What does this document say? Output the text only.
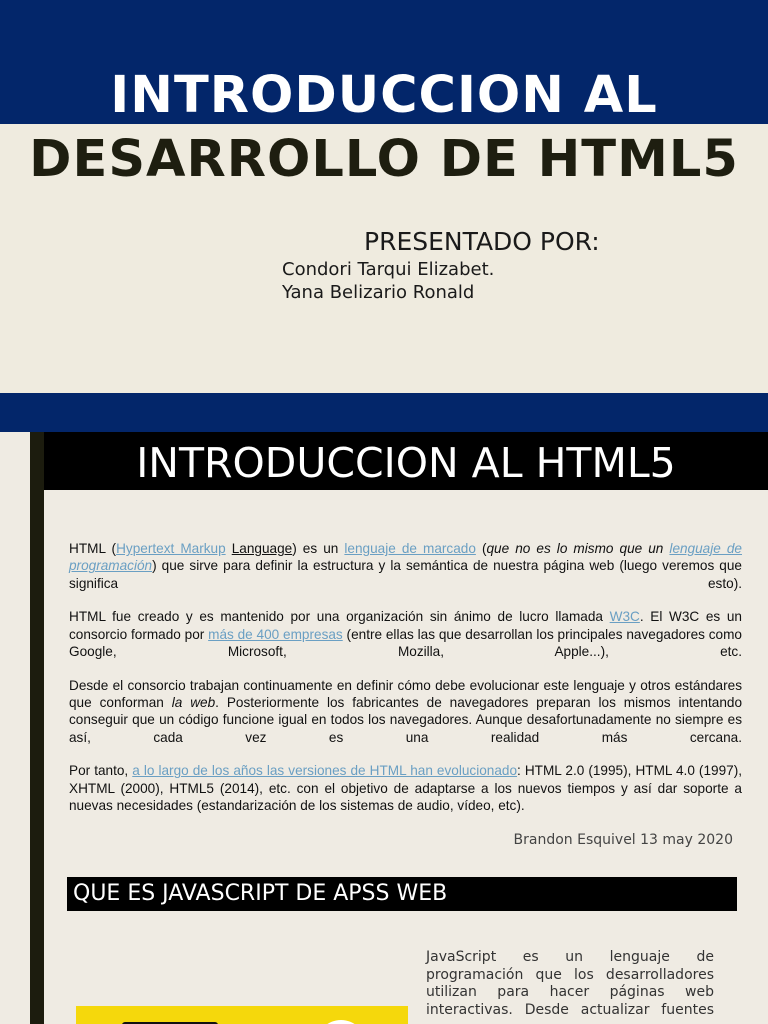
INTRODUCCION AL
DESARROLLO DE HTML5

PRESENTADO POR:

Condori Tarqui Elizabet.

Yana Belizario Ronald

INTRODUCCION AL HTML5

HTML (Hypertext Markup Language) es un lenguaje de marcado (que no es lo mismo que un lenguaje de programación) que sirve para definir la estructura y la semántica de nuestra página web (luego veremos que significa esto).

HTML fue creado y es mantenido por una organización sin ánimo de lucro llamada W3C. El W3C es un consorcio formado por más de 400 empresas (entre ellas las que desarrollan los principales navegadores como Google, Microsoft, Mozilla, Apple...), etc.

Desde el consorcio trabajan continuamente en definir cómo debe evolucionar este lenguaje y otros estándares que conforman la web. Posteriormente los fabricantes de navegadores preparan los mismos intentando conseguir que un código funcione igual en todos los navegadores. Aunque desafortunadamente no siempre es así, cada vez es una realidad más cercana.

Por tanto, a lo largo de los años las versiones de HTML han evolucionado: HTML 2.0 (1995), HTML 4.0 (1997), XHTML (2000), HTML5 (2014), etc. con el objetivo de adaptarse a los nuevos tiempos y así dar soporte a nuevas necesidades (estandarización de los sistemas de audio, vídeo, etc).

Brandon Esquivel 13 may 2020

QUE ES JAVASCRIPT DE APSS WEB

JavaScript es un lenguaje de programación que los desarrolladores utilizan para hacer páginas web interactivas. Desde actualizar fuentes
